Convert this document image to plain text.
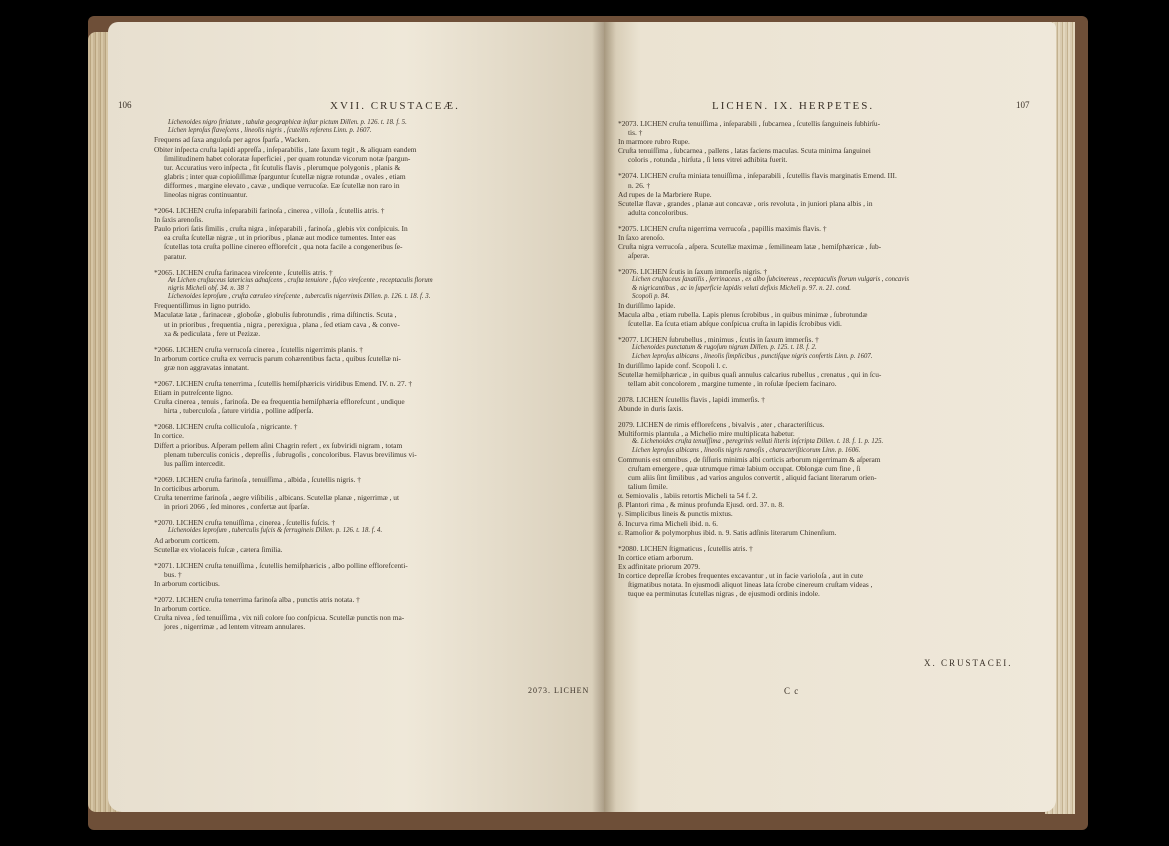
106	XVII. CRUSTACEÆ.

Lichenoides nigro ſtriatum , tabulæ geographicæ inſtar pictum Dillen. p. 126. t. 18. f. 5.

Lichen leproſus flaveſcens , lineolis nigris , ſcutellis referens Linn. p. 1607.

Frequens ad ſaxa anguloſa per agros ſparſa , Wacken.

Obiter inſpecta cruſta lapidi appreſſa , inſeparabilis , late ſaxum tegit , & aliquam eandem

ſimilitudinem habet coloratæ ſuperficiei , per quam rotundæ vicorum notæ ſpargun-

tur. Accuratius vero inſpecta , fit ſcutulis flavis , plerumque polygonis , planis &

glabris ; inter quæ copioſiſſimæ ſparguntur ſcutellæ nigræ rotundæ , ovales , etiam

difformes , margine elevato , cavæ , undique verrucoſæ. Eæ ſcutellæ non raro in

lineolas nigras continuantur.

*2064. LICHEN cruſta inſeparabili farinoſa , cinerea , villoſa , ſcutellis atris. †

In ſaxis arenoſis.

Paulo priori ſatis ſimilis , cruſta nigra , inſeparabili , farinoſa , glebis vix conſpicuis. In

ea cruſta ſcutellæ nigræ , ut in prioribus , planæ aut modice tumentes. Inter eas

ſcutellas tota cruſta polline cinereo efflorefcit , qua nota facile a congeneribus ſe-

paratur.

*2065. LICHEN cruſta farinacea vireſcente , ſcutellis atris. †

An Lichen cruſtaceus latericius adnaſcens , cruſta tenuiore , fuſco vireſcente , receptaculis florum

nigris Micheli obſ. 34. n. 38 ?

Lichenoides leproſum , cruſta cœruleo vireſcente , tuberculis nigerrimis Dillen. p. 126. t. 18. f. 3.

Frequentiſſimus in ligno putrido.

Maculatæ latæ , farinaceæ , globoſæ , globulis ſubrotundis , rima diſtinctis. Scuta ,

ut in prioribus , frequentia , nigra , perexigua , plana , ſed etiam cava , & conve-

xa & pediculata , fere ut Pezizæ.

*2066. LICHEN cruſta verrucoſa cinerea , ſcutellis nigerrimis planis. †

In arborum cortice cruſta ex verrucis parum cohærentibus facta , quibus ſcutellæ ni-

græ non aggravatas innatant.

*2067. LICHEN cruſta tenerrima , ſcutellis hemiſphæricis viridibus Emend. IV. n. 27. †

Etiam in putreſcente ligno.

Cruſta cinerea , tenuis , farinoſa. De ea frequentia hemiſphæria efflorefcunt , undique

hirta , tuberculoſa , ſature viridia , polline adſperſa.

*2068. LICHEN cruſta colliculoſa , nigricante. †

In cortice.

Differt a prioribus. Aſperam pellem aſini Chagrin refert , ex ſubviridi nigram , totam

plenam tuberculis conicis , depreſſis , ſubrugoſis , concoloribus. Flavus brevilimus vi-

lus paſſim intercedit.

*2069. LICHEN cruſta farinoſa , tenuiſſima , albida , ſcutellis nigris. †

In corticibus arborum.

Cruſta tenerrime farinoſa , aegre viſibilis , albicans. Scutellæ planæ , nigerrimæ , ut

in priori 2066 , ſed minores , confertæ aut ſparſæ.

*2070. LICHEN cruſta tenuiſſima , cinerea , ſcutellis fuſcis. †

Lichenoides leproſum , tuberculis fuſcis & ferrugineis Dillen. p. 126. t. 18. f. 4.

Ad arborum corticem.

Scutellæ ex violaceis fuſcæ , cætera ſimilia.

*2071. LICHEN cruſta tenuiſſima , ſcutellis hemiſphæricis , albo polline efflorefcenti-

bus. †

In arborum corticibus.

*2072. LICHEN cruſta tenerrima farinoſa alba , punctis atris notata. †

In arborum cortice.

Cruſta nivea , ſed tenuiſſima , vix niſi colore ſuo conſpicua. Scutellæ punctis non ma-

jores , nigerrimæ , ad lentem vitream annulares.

2073. LICHEN
LICHEN. IX. HERPETES.	107

*2073. LICHEN cruſta tenuiſſima , inſeparabili , ſubcarnea , ſcutellis ſanguineis ſubhirſu-

tis. †

In marmore rubro Rupe.

Cruſta tenuiſſima , ſubcarnea , pallens , latas faciens maculas. Scuta minima ſanguinei

coloris , rotunda , hirſuta , ſi lens vitrei adhibita fuerit.

*2074. LICHEN cruſta miniata tenuiſſima , inſeparabili , ſcutellis flavis marginatis Emend. III.

n. 26. †

Ad rupes de la Marbriere Rupe.

Scutellæ flavæ , grandes , planæ aut concavæ , oris revoluta , in juniori plana albis , in

adulta concoloribus.

*2075. LICHEN cruſta nigerrima verrucoſa , papillis maximis flavis. †

In ſaxo arenoſo.

Cruſta nigra verrucoſa , aſpera. Scutellæ maximæ , ſemilineam latæ , hemiſphæricæ , ſub-

aſperæ.

*2076. LICHEN ſcutis in ſaxum immerſis nigris. †

Lichen cruſtaceus ſaxatilis , ſerrinaceus , ex albo ſubcinereus , receptaculis florum vulgaris , concavis

& nigricantibus , ac in ſuperficie lapidis veluti defixis Micheli p. 97. n. 21. cond.

Scopoli p. 84.

In duriſſimo lapide.

Macula alba , etiam rubella. Lapis plenus ſcrobibus , in quibus minimæ , ſubrotundæ

ſcutellæ. Ea ſcuta etiam abſque conſpicua cruſta in lapidis ſcrobibus vidi.

*2077. LICHEN ſubrubellus , minimus , ſcutis in ſaxum immerſis. †

Lichenoides punctatum & rugoſum nigrum Dillen. p. 125. t. 18. f. 2.

Lichen leproſus albicans , lineolis ſimplicibus , punctiſque nigris confertis Linn. p. 1607.

In duriſſimo lapide conf. Scopoli l. c.

Scutellæ hemiſphæricæ , in quibus quaſi annulus calcarius rubellus , crenatus , qui in ſcu-

tellam abit concolorem , margine tumente , in roſulæ ſpeciem facinaro.

2078. LICHEN ſcutellis flavis , lapidi immerſis. †

Abunde in duris ſaxis.

2079. LICHEN de rimis efflorefcens , bivalvis , ater , characteriſticus.

Multiformis plantula , a Michelio mire multiplicata habetur.

&. Lichenoides cruſta tenuiſſima , peregrinis velluti literis inſcripta Dillen. t. 18. f. 1. p. 125.

Lichen leproſus albicans , lineolis nigris ramoſis , characteriſticorum Linn. p. 1606.

Communis est omnibus , de ſiſſuris minimis albi corticis arborum nigerrimam & aſperam

cruſtam emergere , quæ utrumque rimæ labium occupat. Oblongæ cum fine , ſi

cum aliis ſint ſimilibus , ad varios angulos convertit , aliquid faciant literarum orien-

talium ſimile.

α. Semiovalis , labiis retortis Micheli ta 54 f. 2.

β. Plantori rima , & minus profunda Ejusd. ord. 37. n. 8.

γ. Simplicibus lineis & punctis mixtus.

δ. Incurva rima Micheli ibid. n. 6.

ε. Ramoſior & polymorphus ibid. n. 9. Satis adſinis literarum Chinenſium.

*2080. LICHEN ſtigmaticus , ſcutellis atris. †

In cortice etiam arborum.

Ex adfinitate priorum 2079.

In cortice depreſſæ ſcrobes frequentes excavantur , ut in facie varioloſa , aut in cute

ſtigmatibus notata. In ejusmodi aliquot lineas lata ſcrobe cinereum cruſtam videas ,

tuque ea perminutas ſcutellas nigras , de ejusmodi ordinis indole.

X. CRUSTACEI.
C c
